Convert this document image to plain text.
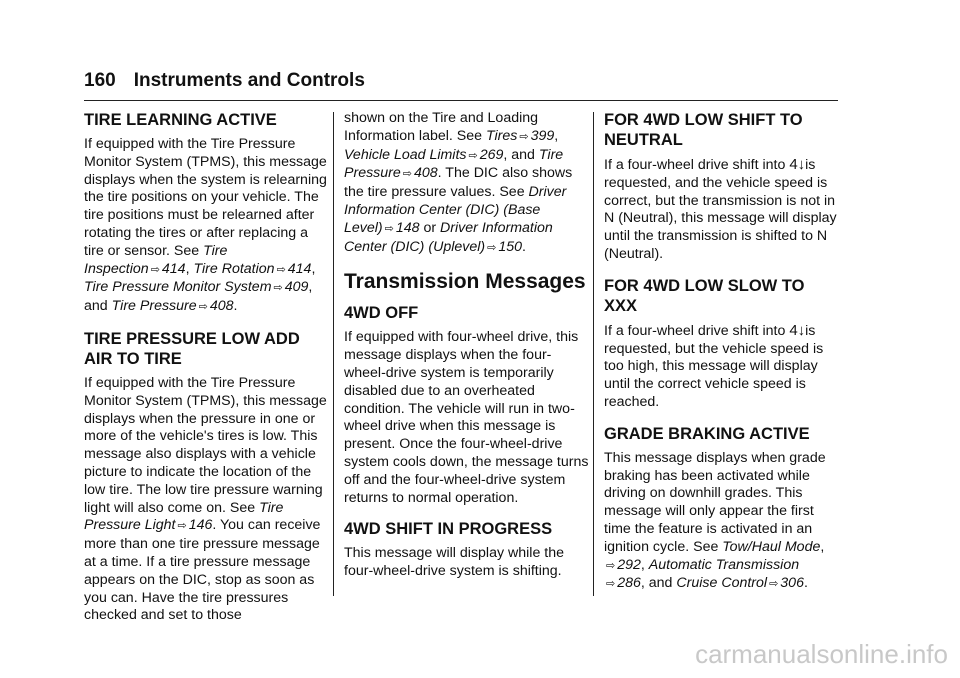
160 Instruments and Controls
TIRE LEARNING ACTIVE

If equipped with the Tire Pressure Monitor System (TPMS), this message displays when the system is relearning the tire positions on your vehicle. The tire positions must be relearned after rotating the tires or after replacing a tire or sensor. See Tire Inspection ⇨ 414, Tire Rotation ⇨ 414, Tire Pressure Monitor System ⇨ 409, and Tire Pressure ⇨ 408.

TIRE PRESSURE LOW ADD AIR TO TIRE

If equipped with the Tire Pressure Monitor System (TPMS), this message displays when the pressure in one or more of the vehicle's tires is low. This message also displays with a vehicle picture to indicate the location of the low tire. The low tire pressure warning light will also come on. See Tire Pressure Light ⇨ 146. You can receive more than one tire pressure message at a time. If a tire pressure message appears on the DIC, stop as soon as you can. Have the tire pressures checked and set to those

shown on the Tire and Loading Information label. See Tires ⇨ 399, Vehicle Load Limits ⇨ 269, and Tire Pressure ⇨ 408. The DIC also shows the tire pressure values. See Driver Information Center (DIC) (Base Level) ⇨ 148 or Driver Information Center (DIC) (Uplevel) ⇨ 150.

Transmission Messages
4WD OFF

If equipped with four-wheel drive, this message displays when the four-wheel-drive system is temporarily disabled due to an overheated condition. The vehicle will run in two-wheel drive when this message is present. Once the four-wheel-drive system cools down, the message turns off and the four-wheel-drive system returns to normal operation.

4WD SHIFT IN PROGRESS

This message will display while the four-wheel-drive system is shifting.

FOR 4WD LOW SHIFT TO NEUTRAL

If a four-wheel drive shift into 4↓is requested, and the vehicle speed is correct, but the transmission is not in N (Neutral), this message will display until the transmission is shifted to N (Neutral).

FOR 4WD LOW SLOW TO XXX

If a four-wheel drive shift into 4↓is requested, but the vehicle speed is too high, this message will display until the correct vehicle speed is reached.

GRADE BRAKING ACTIVE

This message displays when grade braking has been activated while driving on downhill grades. This message will only appear the first time the feature is activated in an ignition cycle. See Tow/Haul Mode,
⇨ 292, Automatic Transmission
⇨ 286, and Cruise Control ⇨ 306.

carmanualsonline.info
